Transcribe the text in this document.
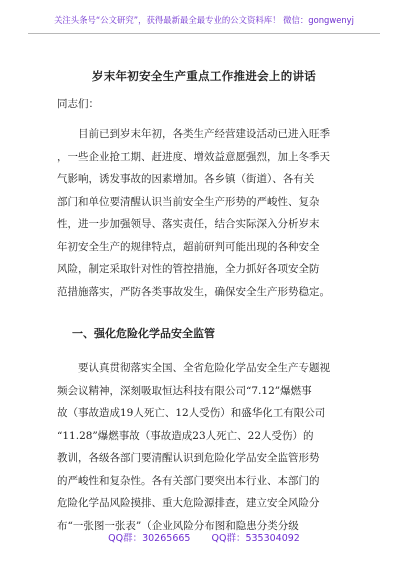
关注头条号“公文研究”，获得最新最全最专业的公文资料库！ 微信：gongwenyj
岁末年初安全生产重点工作推进会上的讲话
同志们：
目前已到岁末年初，各类生产经营建设活动已进入旺季
，一些企业抢工期、赶进度、增效益意愿强烈，加上冬季天
气影响，诱发事故的因素增加。各乡镇（街道）、各有关
部门和单位要清醒认识当前安全生产形势的严峻性、复杂
性，进一步加强领导、落实责任，结合实际深入分析岁末
年初安全生产的规律特点，超前研判可能出现的各种安全
风险，制定采取针对性的管控措施，全力抓好各项安全防
范措施落实，严防各类事故发生，确保安全生产形势稳定。
一、强化危险化学品安全监管
要认真贯彻落实全国、全省危险化学品安全生产专题视
频会议精神，深刻吸取恒达科技有限公司“7.12”爆燃事
故（事故造成19人死亡、12人受伤）和盛华化工有限公司
“11.28”爆燃事故（事故造成23人死亡、22人受伤）的
教训，各级各部门要清醒认识到危险化学品安全监管形势
的严峻性和复杂性。各有关部门要突出本行业、本部门的
危险化学品风险摸排、重大危险源排查，建立安全风险分
布“一张图一张表”（企业风险分布图和隐患分类分级
QQ群：30265665 QQ群：535304092
